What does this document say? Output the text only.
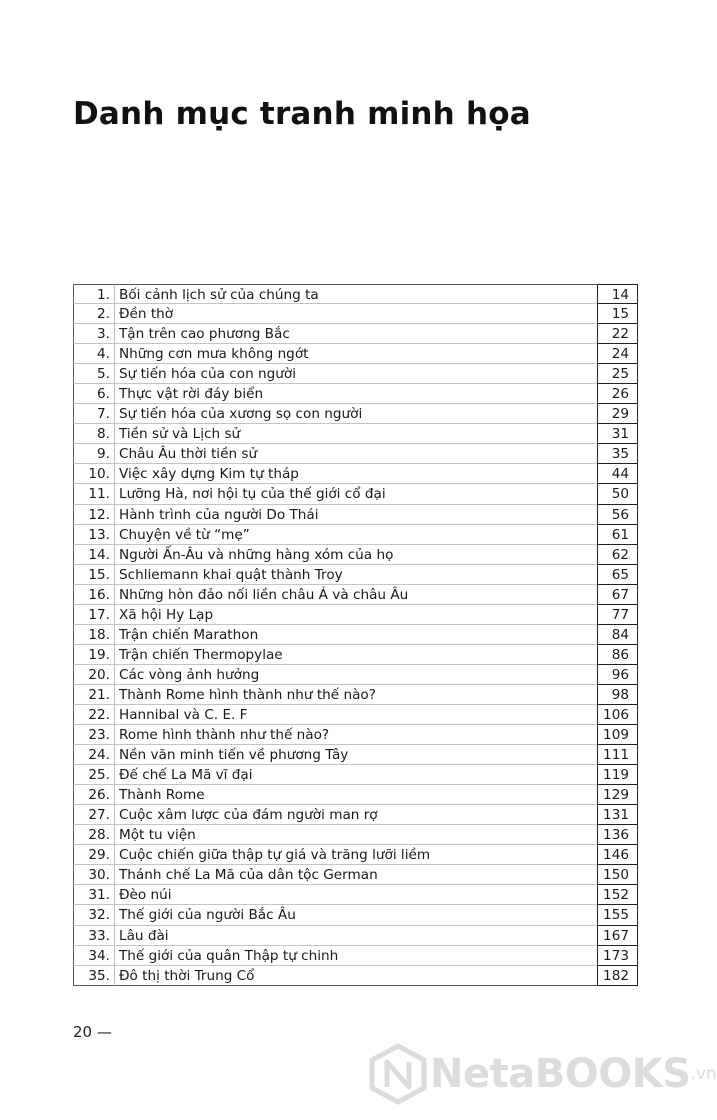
Danh mục tranh minh họa
1. Bối cảnh lịch sử của chúng ta	14
2. Đền thờ	15
3. Tận trên cao phương Bắc	22
4. Những cơn mưa không ngớt	24
5. Sự tiến hóa của con người	25
6. Thực vật rời đáy biển	26
7. Sự tiến hóa của xương sọ con người	29
8. Tiền sử và Lịch sử	31
9. Châu Âu thời tiền sử	35
10. Việc xây dựng Kim tự tháp	44
11. Lưỡng Hà, nơi hội tụ của thế giới cổ đại	50
12. Hành trình của người Do Thái	56
13. Chuyện về từ “mẹ”	61
14. Người Ấn-Âu và những hàng xóm của họ	62
15. Schliemann khai quật thành Troy	65
16. Những hòn đảo nối liền châu Á và châu Âu	67
17. Xã hội Hy Lạp	77
18. Trận chiến Marathon	84
19. Trận chiến Thermopylae	86
20. Các vòng ảnh hưởng	96
21. Thành Rome hình thành như thế nào?	98
22. Hannibal và C. E. F	106
23. Rome hình thành như thế nào?	109
24. Nền văn minh tiến về phương Tây	111
25. Đế chế La Mã vĩ đại	119
26. Thành Rome	129
27. Cuộc xâm lược của đám người man rợ	131
28. Một tu viện	136
29. Cuộc chiến giữa thập tự giá và trăng lưỡi liềm	146
30. Thánh chế La Mã của dân tộc German	150
31. Đèo núi	152
32. Thế giới của người Bắc Âu	155
33. Lâu đài	167
34. Thế giới của quân Thập tự chinh	173
35. Đô thị thời Trung Cổ	182
20 —
NetaBOOKS .vn
